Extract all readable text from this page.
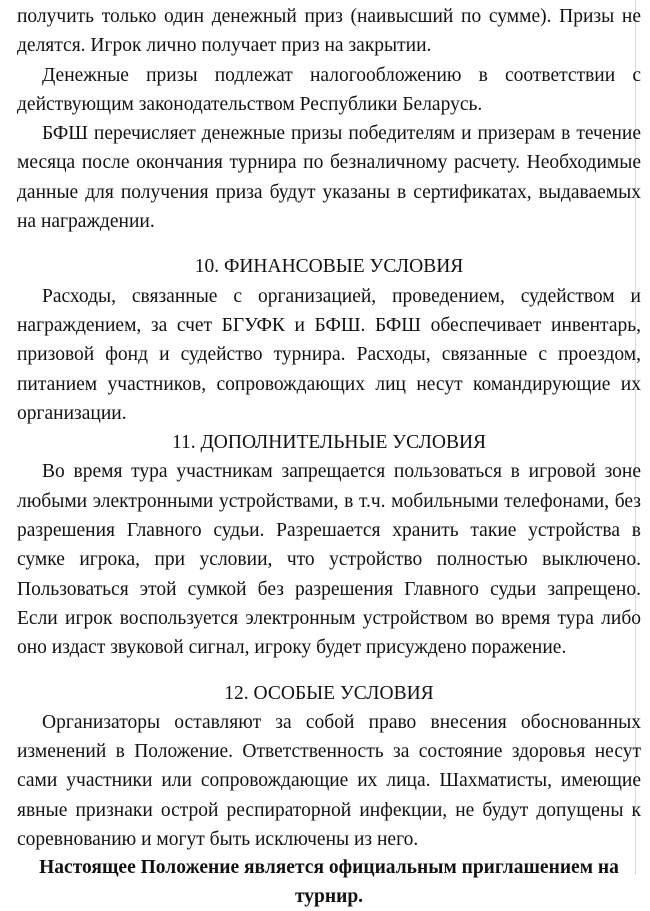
получить только один денежный приз (наивысший по сумме). Призы не делятся. Игрок лично получает приз на закрытии.

Денежные призы подлежат налогообложению в соответствии с действующим законодательством Республики Беларусь.

БФШ перечисляет денежные призы победителям и призерам в течение месяца после окончания турнира по безналичному расчету. Необходимые данные для получения приза будут указаны в сертификатах, выдаваемых на награждении.

10. ФИНАНСОВЫЕ УСЛОВИЯ

Расходы, связанные с организацией, проведением, судейством и награждением, за счет БГУФК и БФШ. БФШ обеспечивает инвентарь, призовой фонд и судейство турнира. Расходы, связанные с проездом, питанием участников, сопровождающих лиц несут командирующие их организации.

11. ДОПОЛНИТЕЛЬНЫЕ УСЛОВИЯ

Во время тура участникам запрещается пользоваться в игровой зоне любыми электронными устройствами, в т.ч. мобильными телефонами, без разрешения Главного судьи. Разрешается хранить такие устройства в сумке игрока, при условии, что устройство полностью выключено. Пользоваться этой сумкой без разрешения Главного судьи запрещено. Если игрок воспользуется электронным устройством во время тура либо оно издаст звуковой сигнал, игроку будет присуждено поражение.

12. ОСОБЫЕ УСЛОВИЯ

Организаторы оставляют за собой право внесения обоснованных изменений в Положение. Ответственность за состояние здоровья несут сами участники или сопровождающие их лица. Шахматисты, имеющие явные признаки острой респираторной инфекции, не будут допущены к соревнованию и могут быть исключены из него.

Настоящее Положение является официальным приглашением на турнир.
